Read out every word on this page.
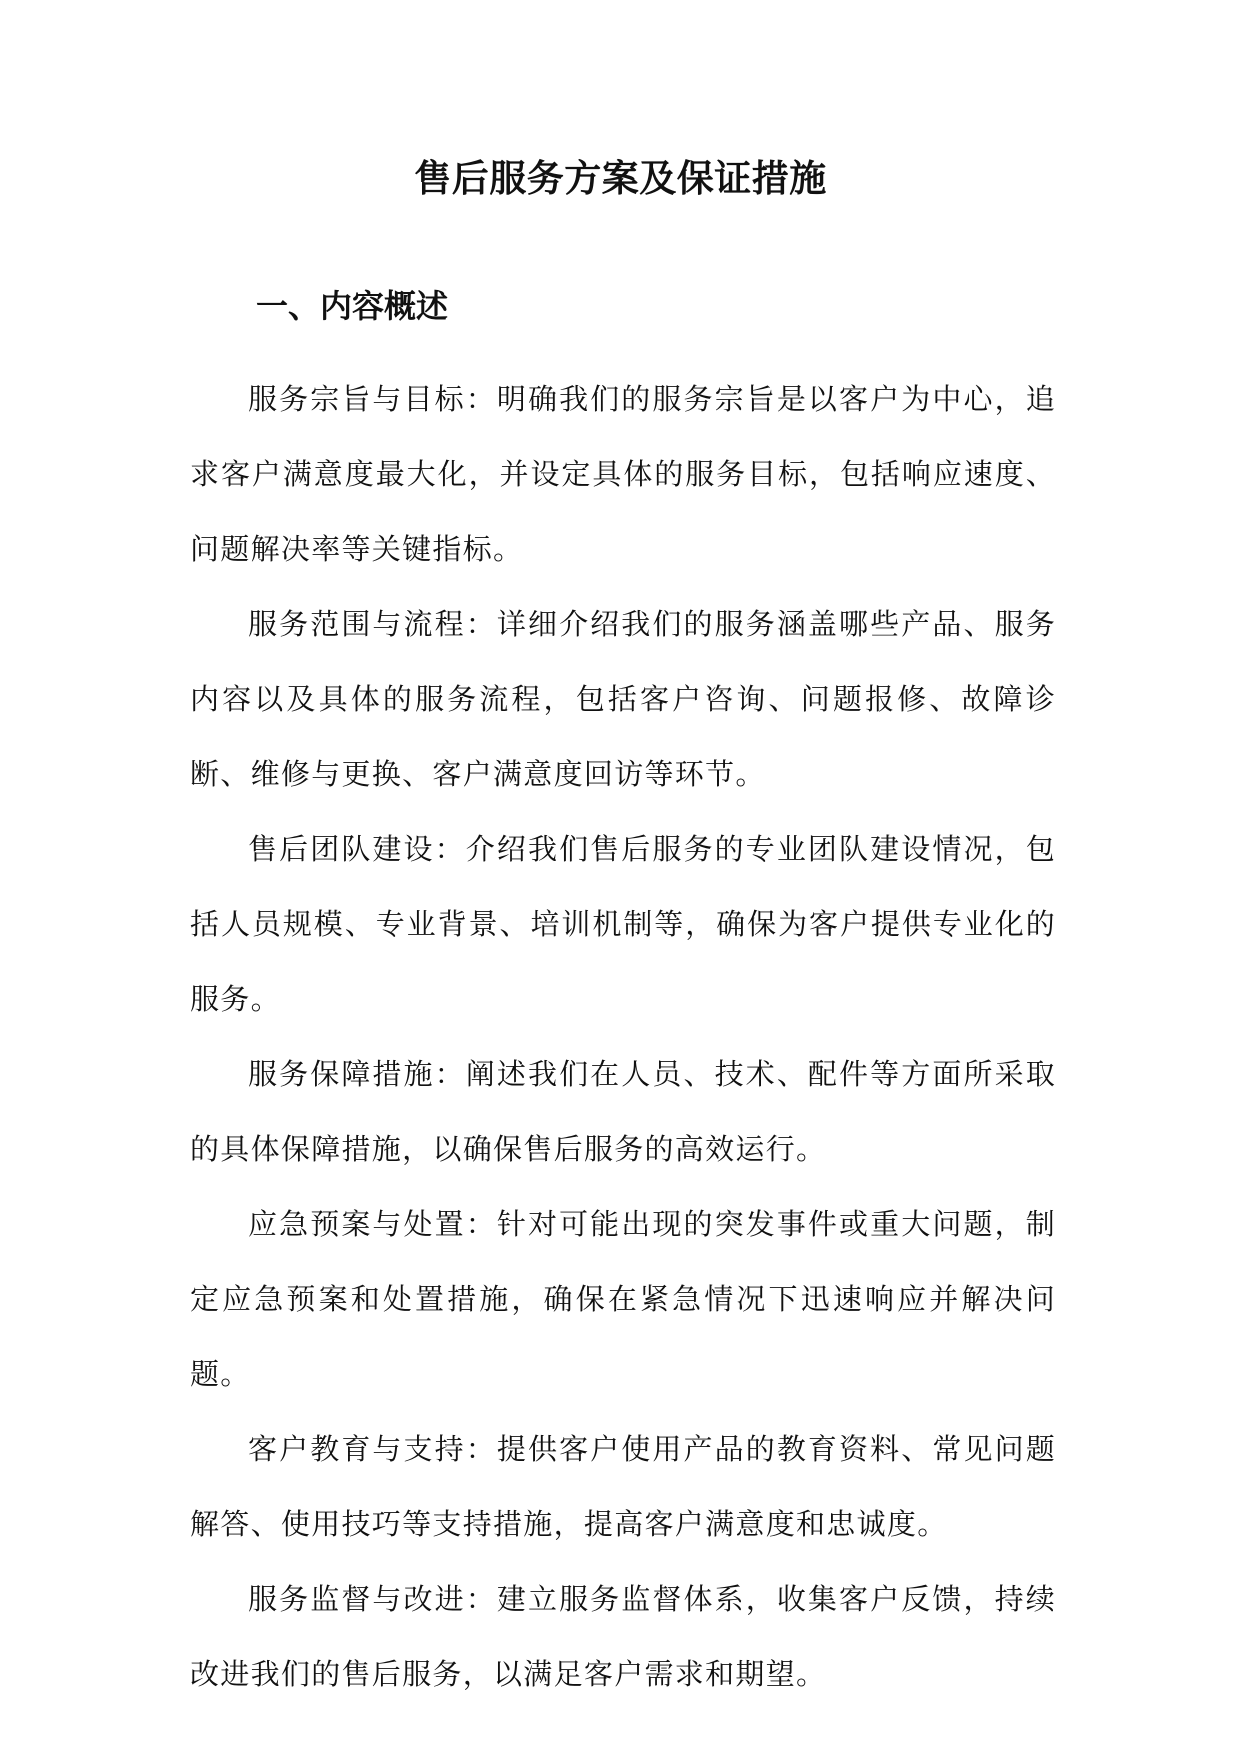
售后服务方案及保证措施
一、内容概述

服务宗旨与目标：明确我们的服务宗旨是以客户为中心，追求客户满意度最大化，并设定具体的服务目标，包括响应速度、问题解决率等关键指标。

服务范围与流程：详细介绍我们的服务涵盖哪些产品、服务内容以及具体的服务流程，包括客户咨询、问题报修、故障诊断、维修与更换、客户满意度回访等环节。

售后团队建设：介绍我们售后服务的专业团队建设情况，包括人员规模、专业背景、培训机制等，确保为客户提供专业化的服务。

服务保障措施：阐述我们在人员、技术、配件等方面所采取的具体保障措施，以确保售后服务的高效运行。

应急预案与处置：针对可能出现的突发事件或重大问题，制定应急预案和处置措施，确保在紧急情况下迅速响应并解决问题。

客户教育与支持：提供客户使用产品的教育资料、常见问题解答、使用技巧等支持措施，提高客户满意度和忠诚度。

服务监督与改进：建立服务监督体系，收集客户反馈，持续改进我们的售后服务，以满足客户需求和期望。
